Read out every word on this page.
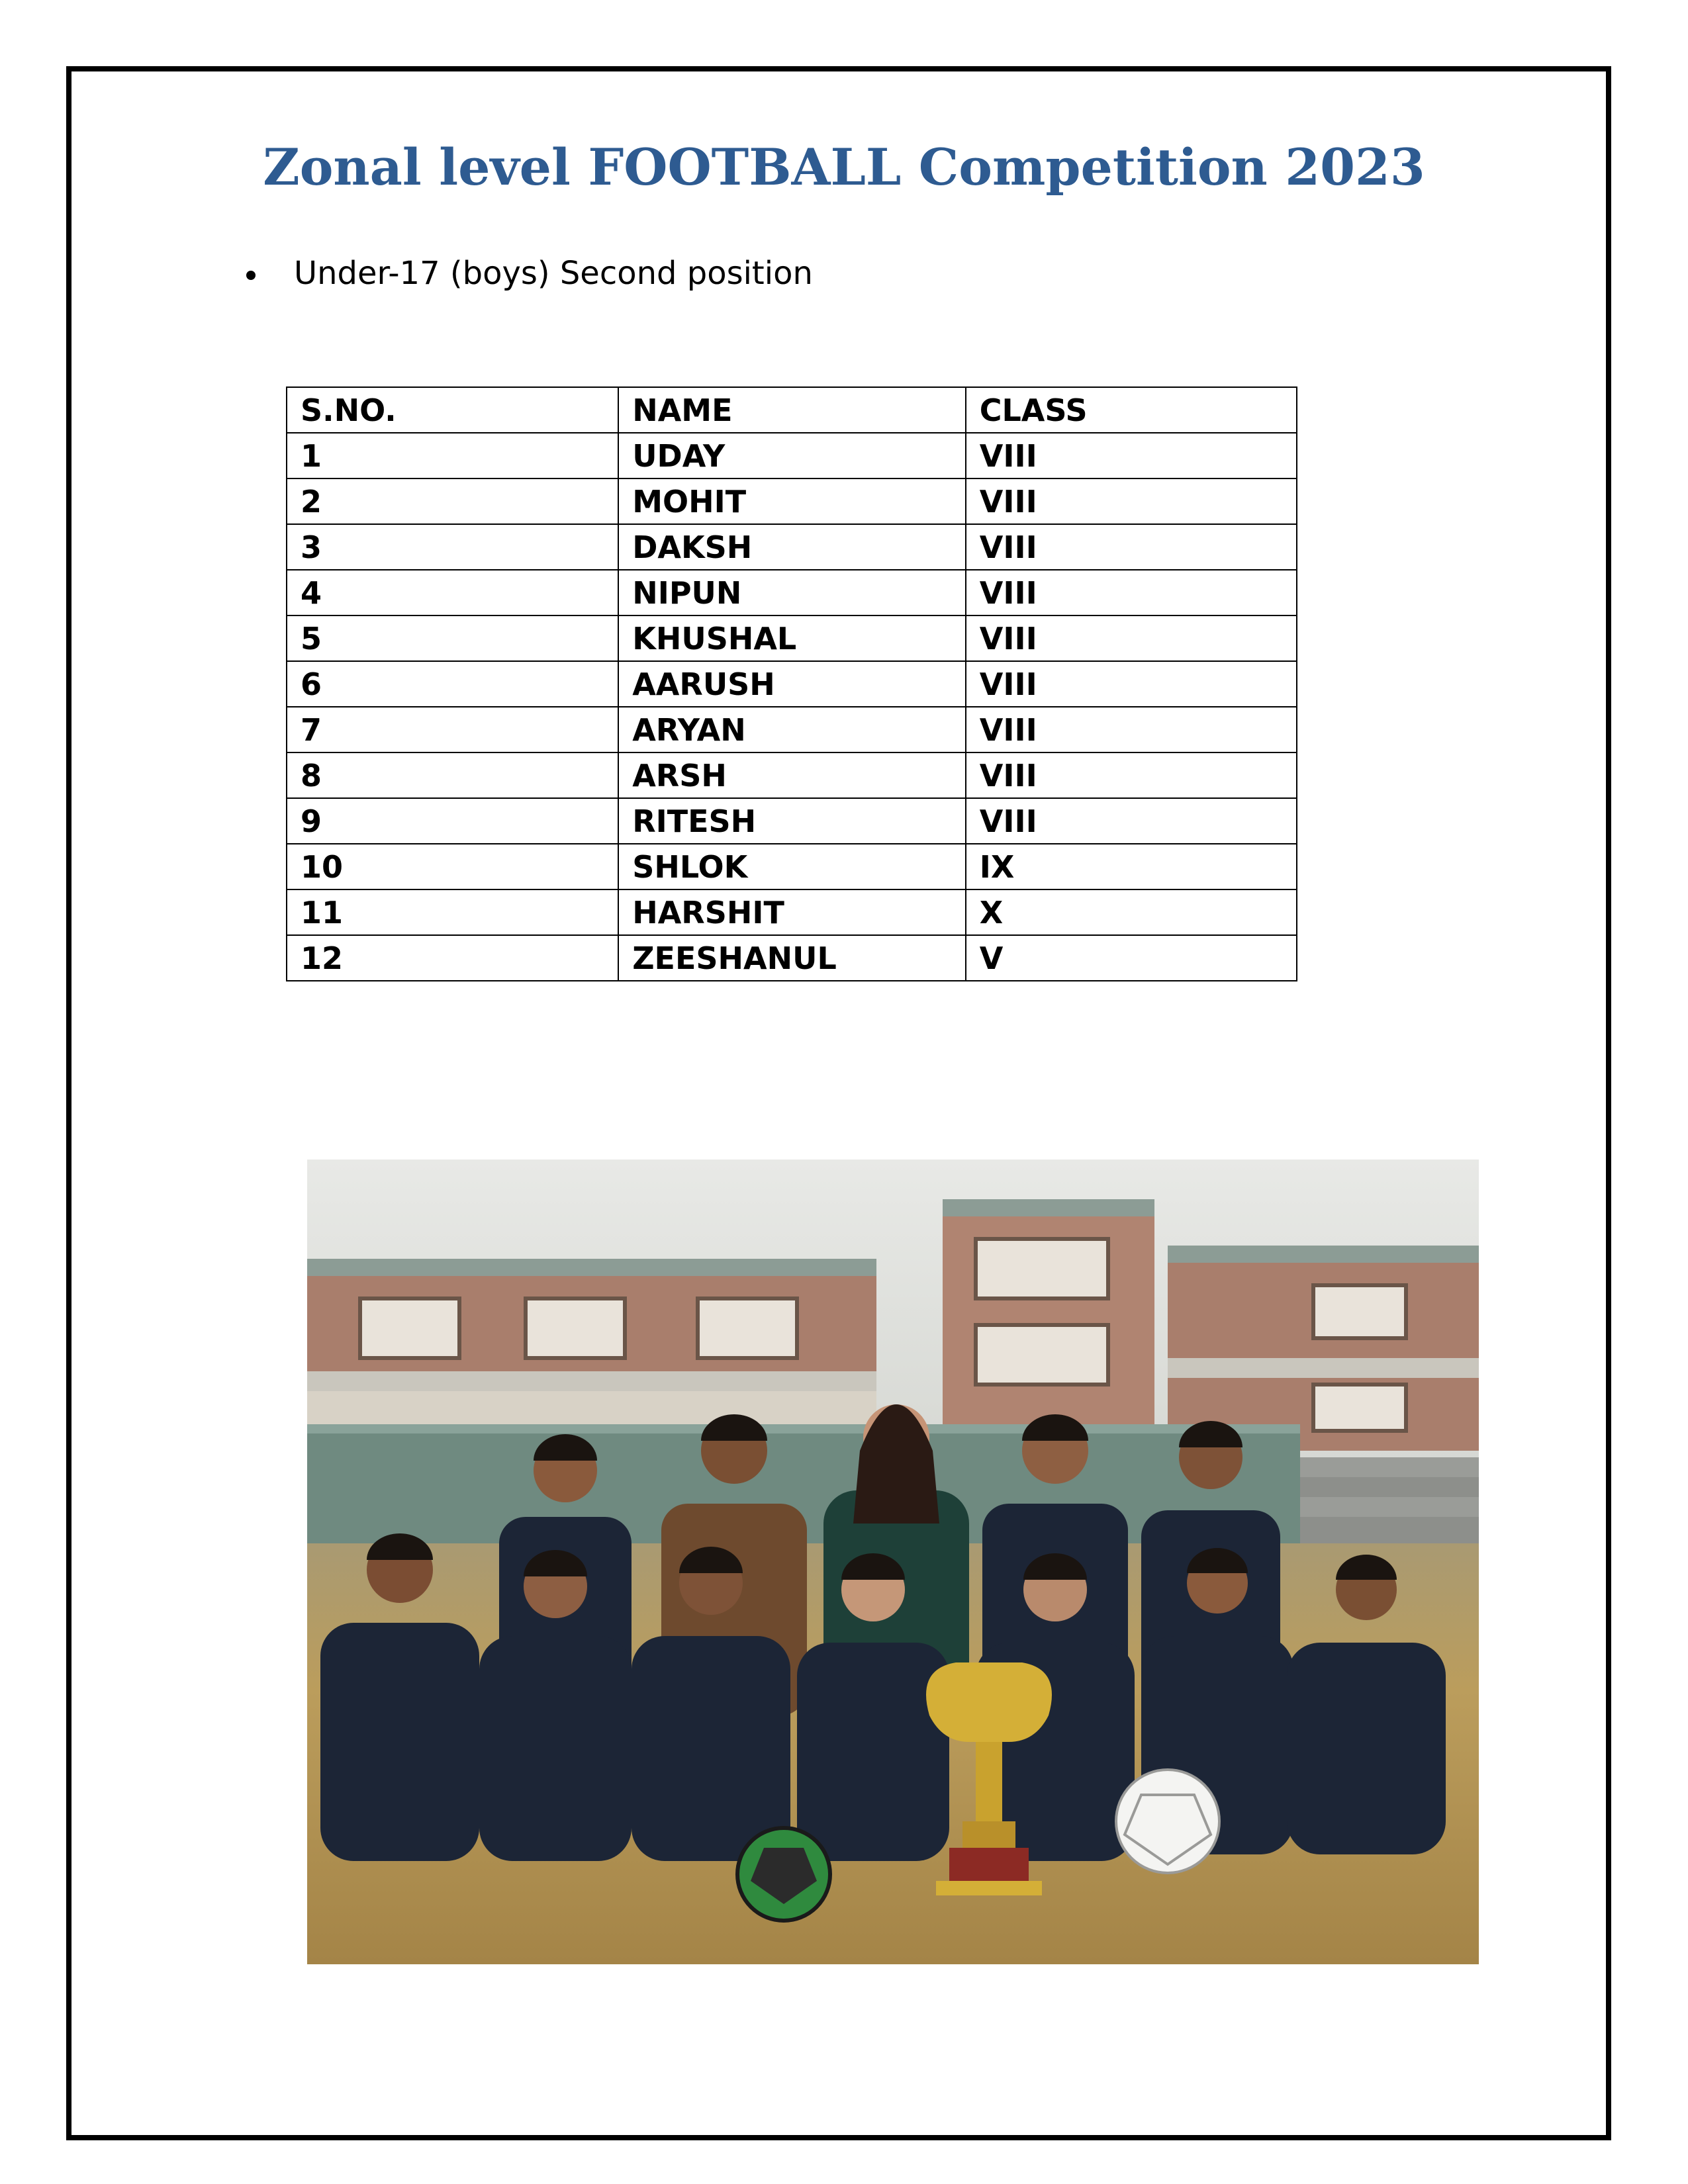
Zonal level FOOTBALL Competition 2023
Under-17 (boys) Second position
S.NO.	NAME	CLASS
1	UDAY	VIII
2	MOHIT	VIII
3	DAKSH	VIII
4	NIPUN	VIII
5	KHUSHAL	VIII
6	AARUSH	VIII
7	ARYAN	VIII
8	ARSH	VIII
9	RITESH	VIII
10	SHLOK	IX
11	HARSHIT	X
12	ZEESHANUL	V
